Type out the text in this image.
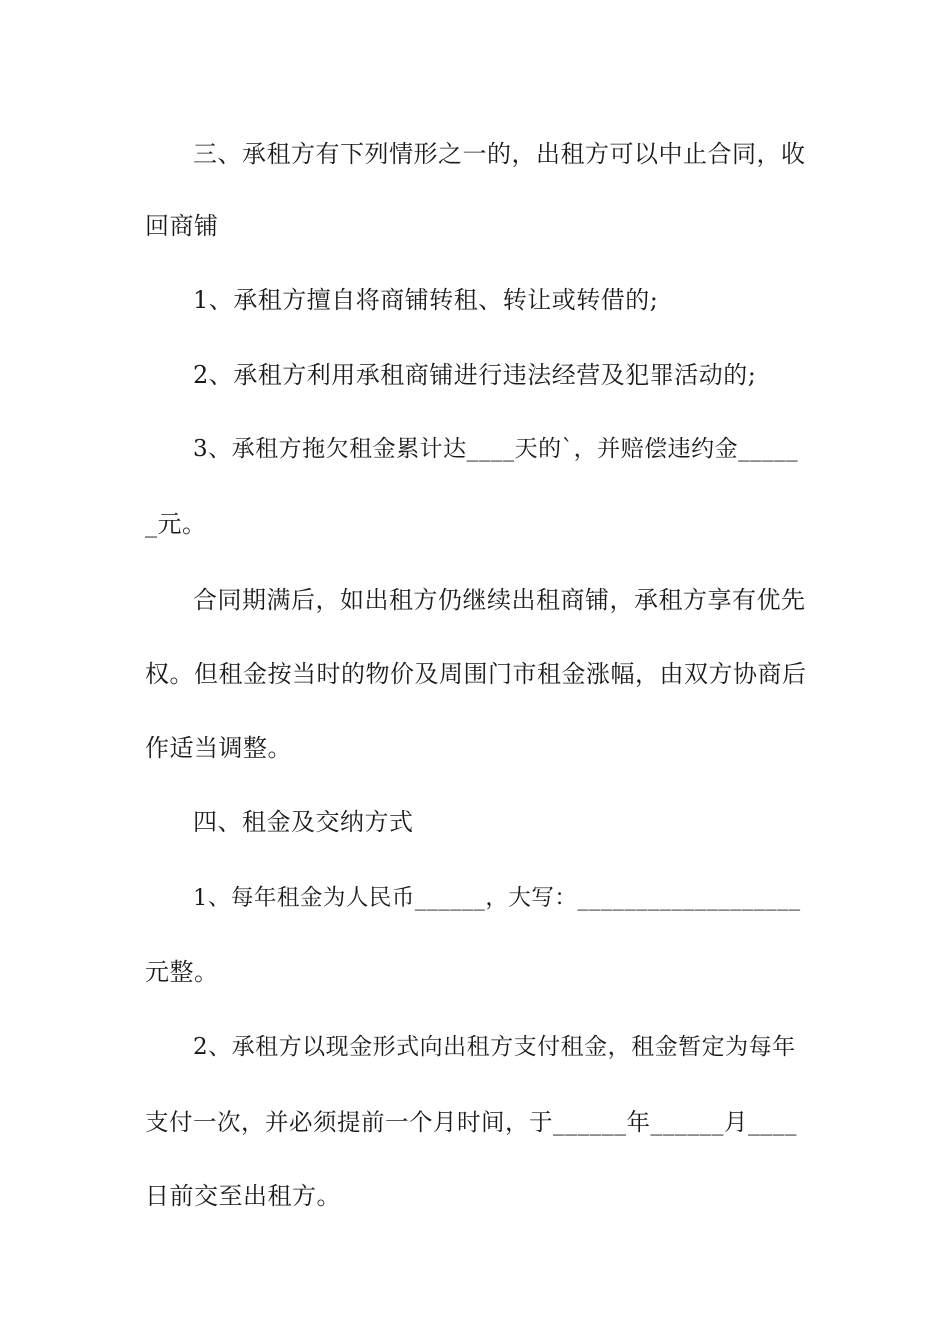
三、承租方有下列情形之一的，出租方可以中止合同，收
回商铺
1、承租方擅自将商铺转租、转让或转借的;
2、承租方利用承租商铺进行违法经营及犯罪活动的;
3、承租方拖欠租金累计达____天的`，并赔偿违约金_____
_元。
合同期满后，如出租方仍继续出租商铺，承租方享有优先
权。但租金按当时的物价及周围门市租金涨幅，由双方协商后
作适当调整。
四、租金及交纳方式
1、每年租金为人民币______，大写：___________________
元整。
2、承租方以现金形式向出租方支付租金，租金暂定为每年
支付一次，并必须提前一个月时间，于______年______月____
日前交至出租方。
